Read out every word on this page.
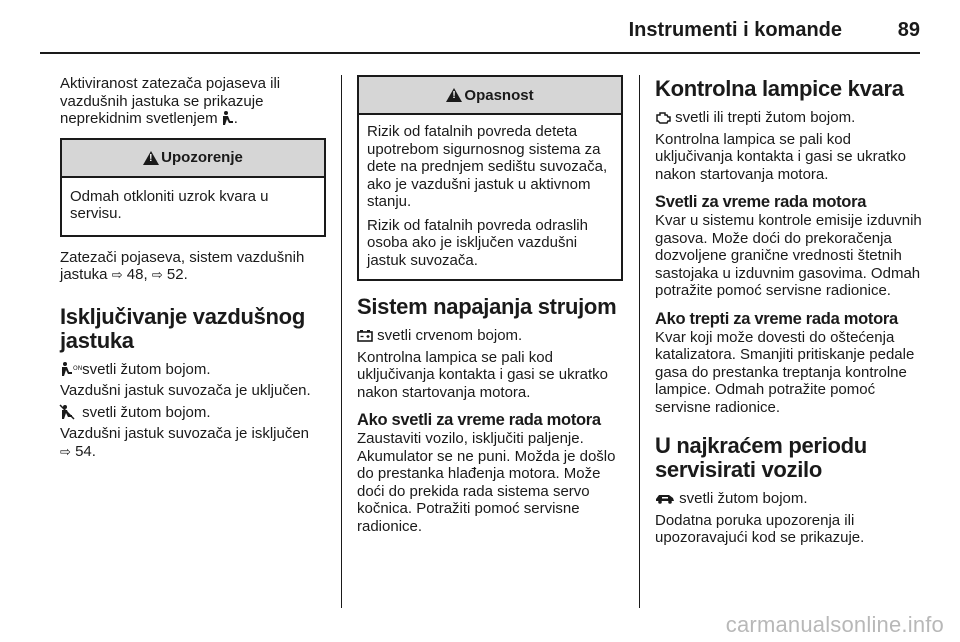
Instrumenti i komande	89

Aktiviranost zatezača pojaseva ili vazdušnih jastuka se prikazuje neprekidnim svetlenjem .

!
Upozorenje

Odmah otkloniti uzrok kvara u servisu.

Zatezači pojaseva, sistem vazdušnih jastuka ⇨ 48, ⇨ 52.

Isključivanje vazdušnog jastuka

ON svetli žutom bojom.

Vazdušni jastuk suvozača je uključen.

svetli žutom bojom.

Vazdušni jastuk suvozača je isključen
⇨ 54.

!
Opasnost

Rizik od fatalnih povreda deteta upotrebom sigurnosnog sistema za dete na prednjem sedištu suvozača, ako je vazdušni jastuk u aktivnom stanju.

Rizik od fatalnih povreda odraslih osoba ako je isključen vazdušni jastuk suvozača.

Sistem napajanja strujom

svetli crvenom bojom.

Kontrolna lampica se pali kod uključivanja kontakta i gasi se ukratko nakon startovanja motora.

Ako svetli za vreme rada motora

Zaustaviti vozilo, isključiti paljenje. Akumulator se ne puni. Možda je došlo do prestanka hlađenja motora. Može doći do prekida rada sistema servo kočnica. Potražiti pomoć servisne radionice.

Kontrolna lampice kvara

svetli ili trepti žutom bojom.

Kontrolna lampica se pali kod uključivanja kontakta i gasi se ukratko nakon startovanja motora.

Svetli za vreme rada motora

Kvar u sistemu kontrole emisije izduvnih gasova. Može doći do prekoračenja dozvoljene granične vrednosti štetnih sastojaka u izduvnim gasovima. Odmah potražite pomoć servisne radionice.

Ako trepti za vreme rada motora

Kvar koji može dovesti do oštećenja katalizatora. Smanjiti pritiskanje pedale gasa do prestanka treptanja kontrolne lampice. Odmah potražite pomoć servisne radionice.

U najkraćem periodu servisirati vozilo

svetli žutom bojom.

Dodatna poruka upozorenja ili upozoravajući kod se prikazuje.

carmanualsonline.info
